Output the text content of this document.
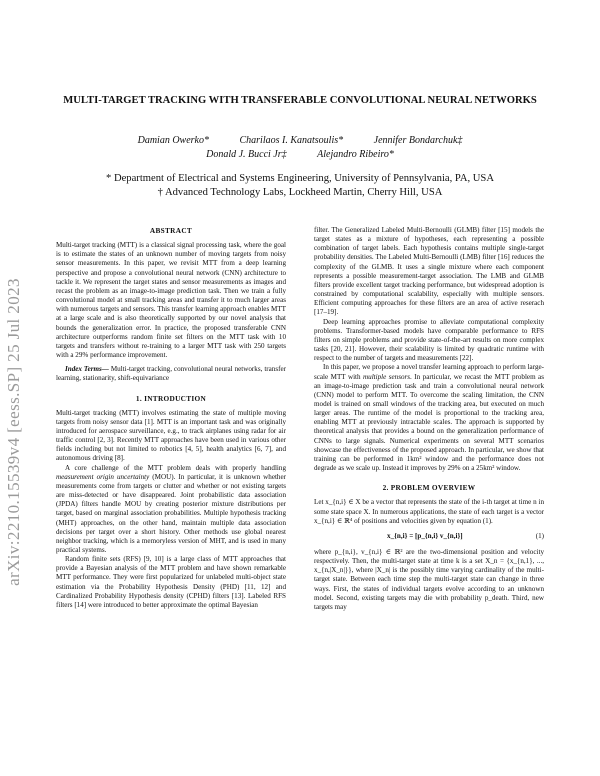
arXiv:2210.15539v4 [eess.SP] 25 Jul 2023
MULTI-TARGET TRACKING WITH TRANSFERABLE CONVOLUTIONAL NEURAL NETWORKS
Damian Owerko*	Charilaos I. Kanatsoulis*	Jennifer Bondarchuk‡
Donald J. Bucci Jr‡	Alejandro Ribeiro*
* Department of Electrical and Systems Engineering, University of Pennsylvania, PA, USA
† Advanced Technology Labs, Lockheed Martin, Cherry Hill, USA

ABSTRACT

Multi-target tracking (MTT) is a classical signal processing task, where the goal is to estimate the states of an unknown number of moving targets from noisy sensor measurements. In this paper, we revisit MTT from a deep learning perspective and propose a convolutional neural network (CNN) architecture to tackle it. We represent the target states and sensor measurements as images and recast the problem as an image-to-image prediction task. Then we train a fully convolutional model at small tracking areas and transfer it to much larger areas with numerous targets and sensors. This transfer learning approach enables MTT at a large scale and is also theoretically supported by our novel analysis that bounds the generalization error. In practice, the proposed transferable CNN architecture outperforms random finite set filters on the MTT task with 10 targets and transfers without re-training to a larger MTT task with 250 targets with a 29% performance improvement.

Index Terms— Multi-target tracking, convolutional neural networks, transfer learning, stationarity, shift-equivariance

1. INTRODUCTION

Multi-target tracking (MTT) involves estimating the state of multiple moving targets from noisy sensor data [1]. MTT is an important task and was originally introduced for aerospace surveillance, e.g., to track airplanes using radar for air traffic control [2, 3]. Recently MTT approaches have been used in various other fields including but not limited to robotics [4, 5], health analytics [6, 7], and autonomous driving [8].

A core challenge of the MTT problem deals with properly handling measurement origin uncertainty (MOU). In particular, it is unknown whether measurements come from targets or clutter and whether or not existing targets are miss-detected or have disappeared. Joint probabilistic data association (JPDA) filters handle MOU by creating posterior mixture distributions per target, based on marginal association probabilities. Multiple hypothesis tracking (MHT) approaches, on the other hand, maintain multiple data association decisions per target over a short history. Other methods use global nearest neighbor tracking, which is a memoryless version of MHT, and is used in many practical systems.

Random finite sets (RFS) [9, 10] is a large class of MTT approaches that provide a Bayesian analysis of the MTT problem and have shown remarkable MTT performance. They were first popularized for unlabeled multi-object state estimation via the Probability Hypothesis Density (PHD) [11, 12] and Cardinalized Probability Hypothesis density (CPHD) filters [13]. Labeled RFS filters [14] were introduced to better approximate the optimal Bayesian

filter. The Generalized Labeled Multi-Bernoulli (GLMB) filter [15] models the target states as a mixture of hypotheses, each representing a possible combination of target labels. Each hypothesis contains multiple single-target probability densities. The Labeled Multi-Bernoulli (LMB) filter [16] reduces the complexity of the GLMB. It uses a single mixture where each component represents a possible measurement-target association. The LMB and GLMB filters provide excellent target tracking performance, but widespread adoption is constrained by computational scalability, especially with multiple sensors. Efficient computing approaches for these filters are an area of active reserach [17–19].

Deep learning approaches promise to alleviate computational complexity problems. Transformer-based models have comparable performance to RFS filters on simple problems and provide state-of-the-art results on more complex tasks [20, 21]. However, their scalability is limited by quadratic runtime with respect to the number of targets and measurements [22].

In this paper, we propose a novel transfer learning approach to perform large-scale MTT with multiple sensors. In particular, we recast the MTT problem as an image-to-image prediction task and train a convolutional neural network (CNN) model to perform MTT. To overcome the scaling limitation, the CNN model is trained on small windows of the tracking area, but executed on much larger areas. The runtime of the model is proportional to the tracking area, enabling MTT at previously intractable scales. The approach is supported by theoretical analysis that provides a bound on the generalization performance of CNNs to large signals. Numerical experiments on several MTT scenarios showcase the effectiveness of the proposed approach. In particular, we show that training can be performed in 1km² window and the performance does not degrade as we scale up. Instead it improves by 29% on a 25km² window.

2. PROBLEM OVERVIEW

Let x_{n,i} ∈ X be a vector that represents the state of the i-th target at time n in some state space X. In numerous applications, the state of each target is a vector x_{n,i} ∈ ℝ⁴ of positions and velocities given by equation (1).

x_{n,i} = [p_{n,i} v_{n,i}]	(1)

where p_{n,i}, v_{n,i} ∈ ℝ² are the two-dimensional position and velocity respectively. Then, the multi-target state at time k is a set X_n = {x_{n,1}, ..., x_{n,|X_n|}}, where |X_n| is the possibly time varying cardinality of the multi-target state. Between each time step the multi-target state can change in three ways. First, the states of individual targets evolve according to an unknown model. Second, existing targets may die with probability p_death. Third, new targets may
